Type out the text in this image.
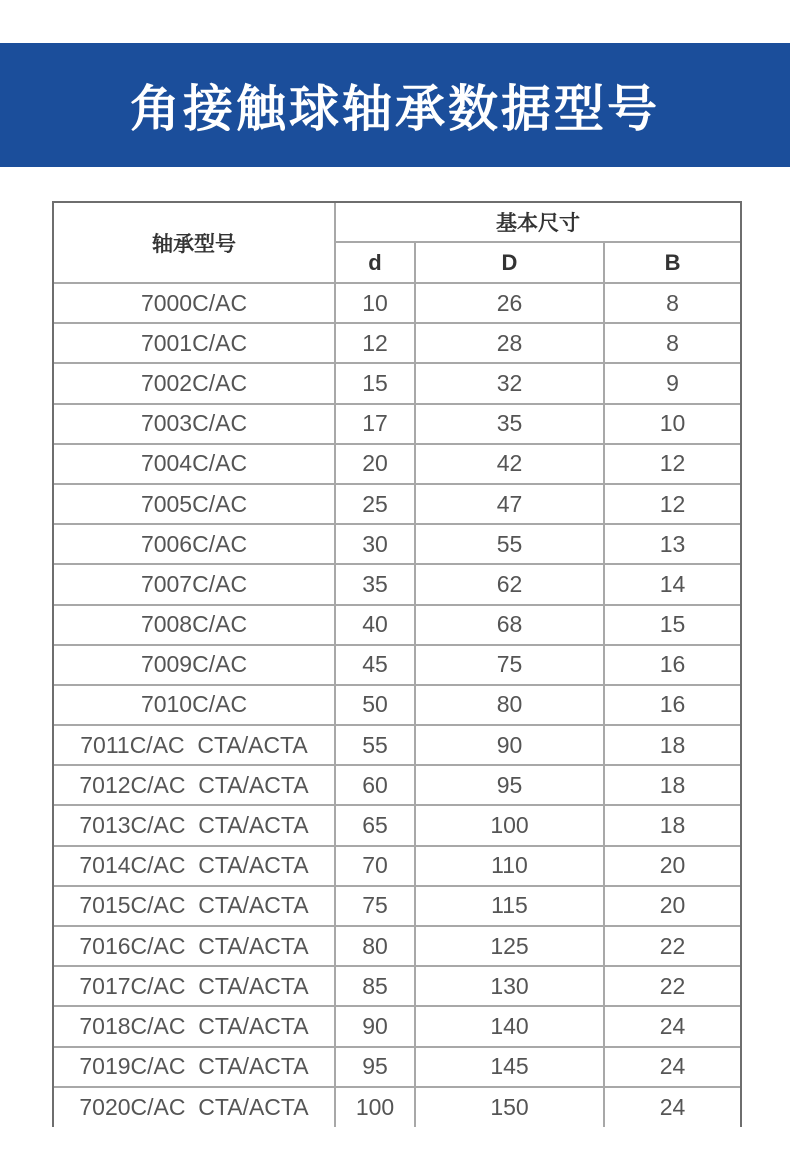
角接触球轴承数据型号
轴承型号	基本尺寸		
	d	D	B
7000C/AC	10	26	8
7001C/AC	12	28	8
7002C/AC	15	32	9
7003C/AC	17	35	10
7004C/AC	20	42	12
7005C/AC	25	47	12
7006C/AC	30	55	13
7007C/AC	35	62	14
7008C/AC	40	68	15
7009C/AC	45	75	16
7010C/AC	50	80	16
7011C/AC  CTA/ACTA	55	90	18
7012C/AC  CTA/ACTA	60	95	18
7013C/AC  CTA/ACTA	65	100	18
7014C/AC  CTA/ACTA	70	110	20
7015C/AC  CTA/ACTA	75	115	20
7016C/AC  CTA/ACTA	80	125	22
7017C/AC  CTA/ACTA	85	130	22
7018C/AC  CTA/ACTA	90	140	24
7019C/AC  CTA/ACTA	95	145	24
7020C/AC  CTA/ACTA	100	150	24
